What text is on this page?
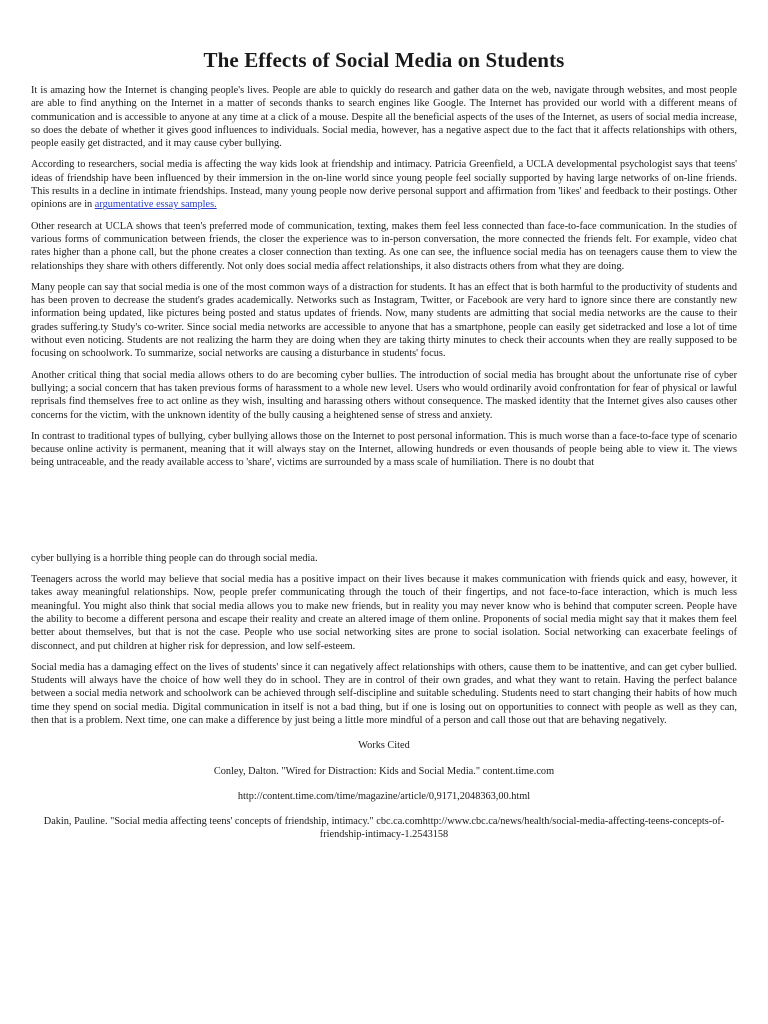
The Effects of Social Media on Students

It is amazing how the Internet is changing people's lives. People are able to quickly do research and gather data on the web, navigate through websites, and most people are able to find anything on the Internet in a matter of seconds thanks to search engines like Google. The Internet has provided our world with a different means of communication and is accessible to anyone at any time at a click of a mouse. Despite all the beneficial aspects of the uses of the Internet, as users of social media increase, so does the debate of whether it gives good influences to individuals. Social media, however, has a negative aspect due to the fact that it affects relationships with others, people easily get distracted, and it may cause cyber bullying.

According to researchers, social media is affecting the way kids look at friendship and intimacy. Patricia Greenfield, a UCLA developmental psychologist says that teens' ideas of friendship have been influenced by their immersion in the on-line world since young people feel socially supported by having large networks of on-line friends. This results in a decline in intimate friendships. Instead, many young people now derive personal support and affirmation from 'likes' and feedback to their postings. Other opinions are in argumentative essay samples.

Other research at UCLA shows that teen's preferred mode of communication, texting, makes them feel less connected than face-to-face communication. In the studies of various forms of communication between friends, the closer the experience was to in-person conversation, the more connected the friends felt. For example, video chat rates higher than a phone call, but the phone creates a closer connection than texting. As one can see, the influence social media has on teenagers cause them to view the relationships they share with others differently. Not only does social media affect relationships, it also distracts others from what they are doing.

Many people can say that social media is one of the most common ways of a distraction for students. It has an effect that is both harmful to the productivity of students and has been proven to decrease the student's grades academically. Networks such as Instagram, Twitter, or Facebook are very hard to ignore since there are constantly new information being updated, like pictures being posted and status updates of friends. Now, many students are admitting that social media networks are the cause to their grades suffering.ty Study's co-writer. Since social media networks are accessible to anyone that has a smartphone, people can easily get sidetracked and lose a lot of time without even noticing. Students are not realizing the harm they are doing when they are taking thirty minutes to check their accounts when they are really supposed to be focusing on schoolwork. To summarize, social networks are causing a disturbance in students' focus.

Another critical thing that social media allows others to do are becoming cyber bullies. The introduction of social media has brought about the unfortunate rise of cyber bullying; a social concern that has taken previous forms of harassment to a whole new level. Users who would ordinarily avoid confrontation for fear of physical or lawful reprisals find themselves free to act online as they wish, insulting and harassing others without consequence. The masked identity that the Internet gives also causes other concerns for the victim, with the unknown identity of the bully causing a heightened sense of stress and anxiety.

In contrast to traditional types of bullying, cyber bullying allows those on the Internet to post personal information. This is much worse than a face-to-face type of scenario because online activity is permanent, meaning that it will always stay on the Internet, allowing hundreds or even thousands of people being able to view it. The views being untraceable, and the ready available access to 'share', victims are surrounded by a mass scale of humiliation. There is no doubt that

cyber bullying is a horrible thing people can do through social media.

Teenagers across the world may believe that social media has a positive impact on their lives because it makes communication with friends quick and easy, however, it takes away meaningful relationships. Now, people prefer communicating through the touch of their fingertips, and not face-to-face interaction, which is much less meaningful. You might also think that social media allows you to make new friends, but in reality you may never know who is behind that computer screen. People have the ability to become a different persona and escape their reality and create an altered image of them online. Proponents of social media might say that it makes them feel better about themselves, but that is not the case. People who use social networking sites are prone to social isolation. Social networking can exacerbate feelings of disconnect, and put children at higher risk for depression, and low self-esteem.

Social media has a damaging effect on the lives of students' since it can negatively affect relationships with others, cause them to be inattentive, and can get cyber bullied. Students will always have the choice of how well they do in school. They are in control of their own grades, and what they want to retain. Having the perfect balance between a social media network and schoolwork can be achieved through self-discipline and suitable scheduling. Students need to start changing their habits of how much time they spend on social media. Digital communication in itself is not a bad thing, but if one is losing out on opportunities to connect with people as well as they can, then that is a problem. Next time, one can make a difference by just being a little more mindful of a person and call those out that are behaving negatively.

Works Cited

Conley, Dalton. "Wired for Distraction: Kids and Social Media." content.time.com

http://content.time.com/time/magazine/article/0,9171,2048363,00.html

Dakin, Pauline. "Social media affecting teens' concepts of friendship, intimacy." cbc.ca.comhttp://www.cbc.ca/news/health/social-media-affecting-teens-concepts-of-friendship-intimacy-1.2543158
